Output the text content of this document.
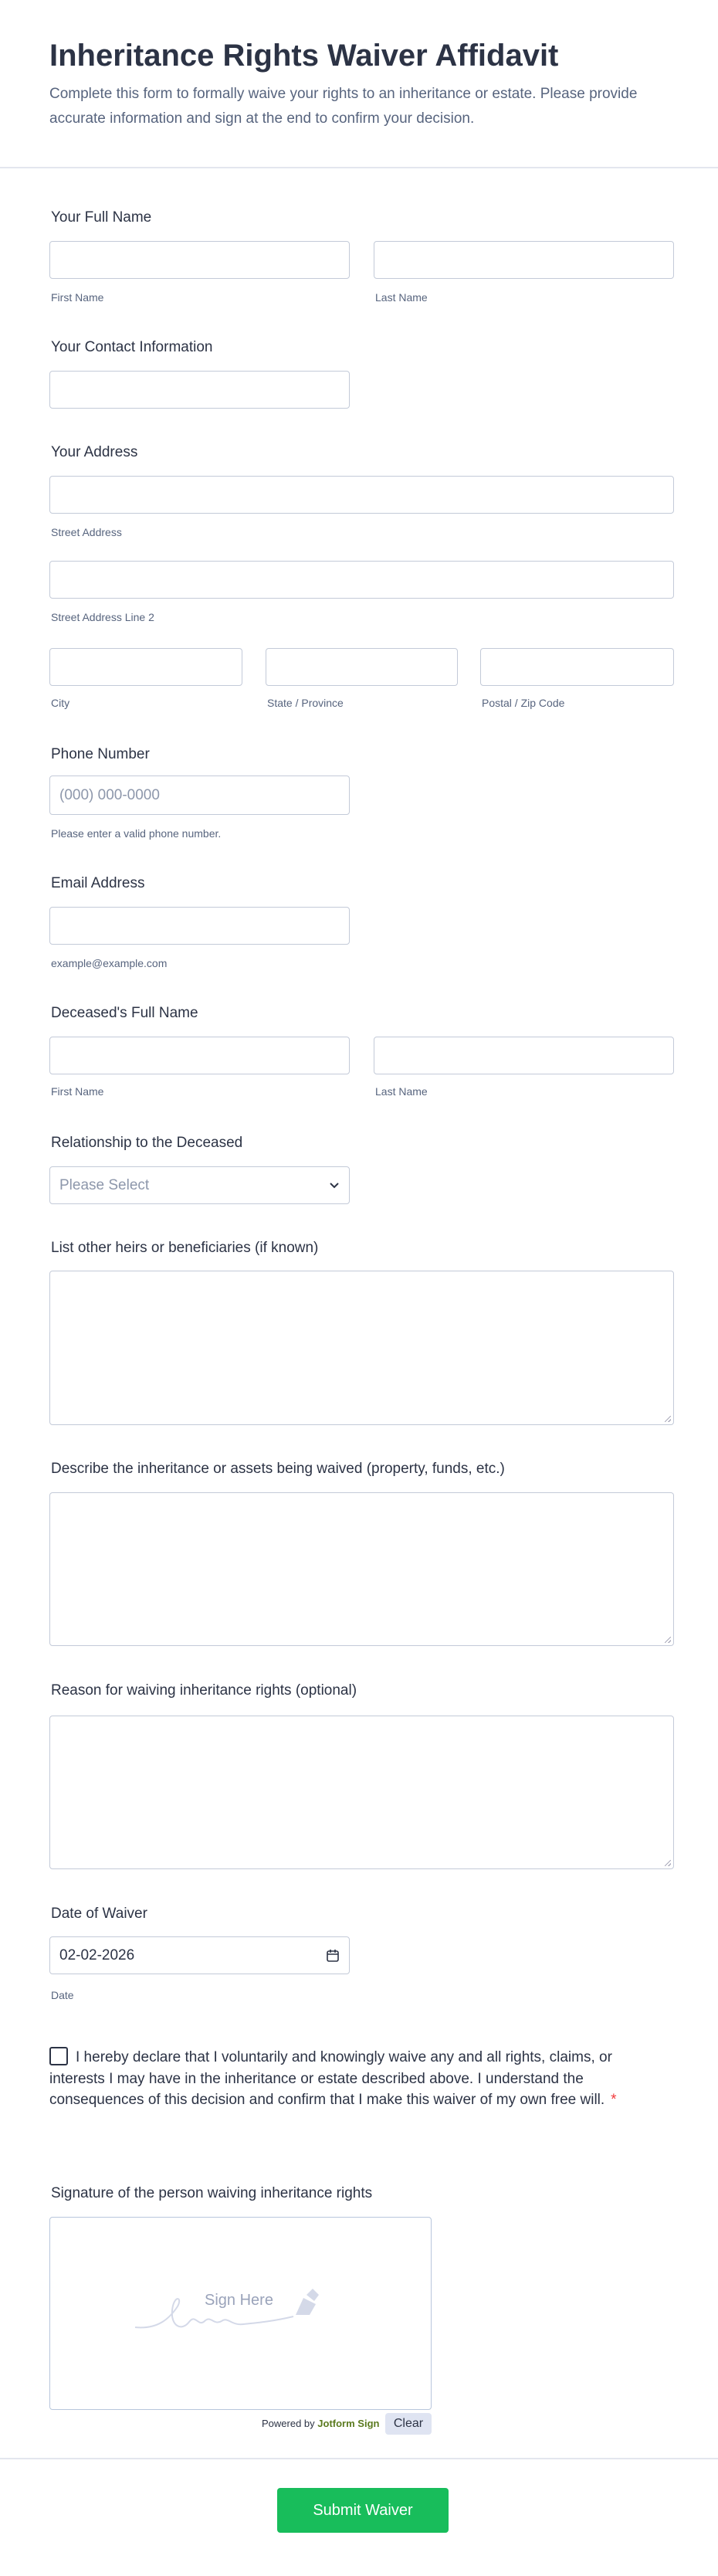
Inheritance Rights Waiver Affidavit
Complete this form to formally waive your rights to an inheritance or estate. Please provide accurate information and sign at the end to confirm your decision.
Your Full Name
First Name	Last Name
Your Contact Information
Your Address
Street Address
Street Address Line 2
City	State / Province	Postal / Zip Code
Phone Number
(000) 000-0000
Please enter a valid phone number.
Email Address
example@example.com
Deceased's Full Name
First Name	Last Name
Relationship to the Deceased
Please Select
List other heirs or beneficiaries (if known)
Describe the inheritance or assets being waived (property, funds, etc.)
Reason for waiving inheritance rights (optional)
Date of Waiver
02-02-2026
Date
I hereby declare that I voluntarily and knowingly waive any and all rights, claims, or interests I may have in the inheritance or estate described above. I understand the consequences of this decision and confirm that I make this waiver of my own free will. *
Signature of the person waiving inheritance rights
Sign Here
Powered by Jotform Sign	Clear
Submit Waiver
